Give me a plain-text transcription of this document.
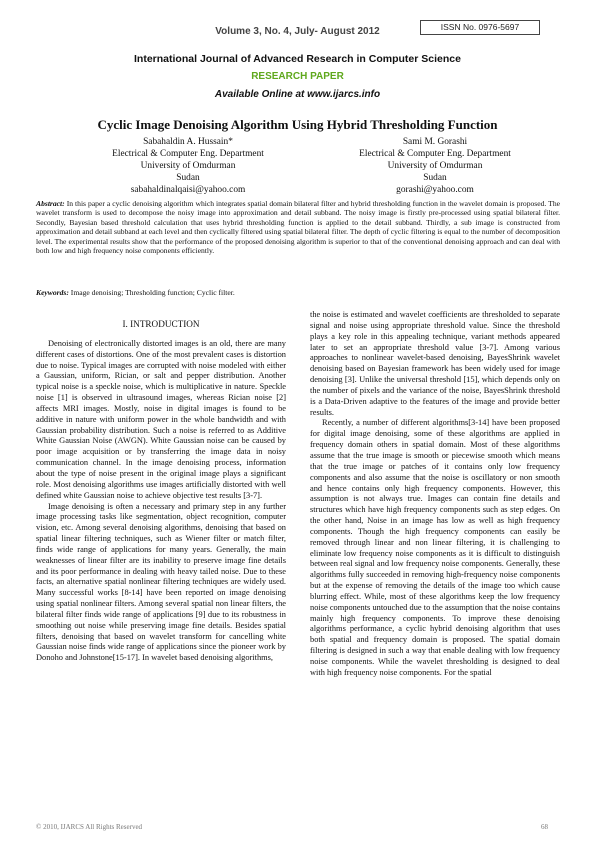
Volume 3, No. 4, July- August 2012	ISSN No. 0976-5697
International Journal of Advanced Research in Computer Science
RESEARCH PAPER
Available Online at www.ijarcs.info
Cyclic Image Denoising Algorithm Using Hybrid Thresholding Function
Sabahaldin A. Hussain*
Electrical & Computer Eng. Department
University of Omdurman
Sudan
sabahaldinalqaisi@yahoo.com
Sami M. Gorashi
Electrical & Computer Eng. Department
University of Omdurman
Sudan
gorashi@yahoo.com
Abstract: In this paper a cyclic denoising algorithm which integrates spatial domain bilateral filter and hybrid thresholding function in the wavelet domain is proposed. The wavelet transform is used to decompose the noisy image into approximation and detail subband. The noisy image is firstly pre-processed using spatial bilateral filter. Secondly, Bayesian based threshold calculation that uses hybrid thresholding function is applied to the detail subband. Thirdly, a sub image is constructed from approximation and detail subband at each level and then cyclically filtered using spatial bilateral filter. The depth of cyclic filtering is equal to the number of decomposition level. The experimental results show that the performance of the proposed denoising algorithm is superior to that of the conventional denoising approach and can deal with both low and high frequency noise components efficiently.
Keywords: Image denoising; Thresholding function; Cyclic filter.
I. INTRODUCTION

Denoising of electronically distorted images is an old, there are many different cases of distortions. One of the most prevalent cases is distortion due to noise. Typical images are corrupted with noise modeled with either a Gaussian, uniform, Rician, or salt and pepper distribution. Another typical noise is a speckle noise, which is multiplicative in nature. Speckle noise [1] is observed in ultrasound images, whereas Rician noise [2] affects MRI images. Mostly, noise in digital images is found to be additive in nature with uniform power in the whole bandwidth and with Gaussian probability distribution. Such a noise is referred to as Additive White Gaussian Noise (AWGN). White Gaussian noise can be caused by poor image acquisition or by transferring the image data in noisy communication channel. In the image denoising process, information about the type of noise present in the original image plays a significant role. Most denoising algorithms use images artificially distorted with well defined white Gaussian noise to achieve objective test results [3-7].

Image denoising is often a necessary and primary step in any further image processing tasks like segmentation, object recognition, computer vision, etc. Among several denoising algorithms, denoising that based on spatial linear filtering techniques, such as Wiener filter or match filter, finds wide range of applications for many years. Generally, the main weaknesses of linear filter are its inability to preserve image fine details and its poor performance in dealing with heavy tailed noise. Due to these facts, an alternative spatial nonlinear filtering techniques are widely used. Many successful works [8-14] have been reported on image denoising using spatial nonlinear filters. Among several spatial non linear filters, the bilateral filter finds wide range of applications [9] due to its robustness in smoothing out noise while preserving image fine details. Besides spatial filters, denoising that based on wavelet transform for cancelling white Gaussian noise finds wide range of applications since the pioneer work by Donoho and Johnstone[15-17]. In wavelet based denoising algorithms,

the noise is estimated and wavelet coefficients are thresholded to separate signal and noise using appropriate threshold value. Since the threshold plays a key role in this appealing technique, variant methods appeared later to set an appropriate threshold value [3-7]. Among various approaches to nonlinear wavelet-based denoising, BayesShrink wavelet denoising based on Bayesian framework has been widely used for image denoising [3]. Unlike the universal threshold [15], which depends only on the number of pixels and the variance of the noise, BayesShrink threshold is a Data-Driven adaptive to the features of the image and provide better results.

Recently, a number of different algorithms[3-14] have been proposed for digital image denoising, some of these algorithms are applied in frequency domain others in spatial domain. Most of these algorithms assume that the true image is smooth or piecewise smooth which means that the true image or patches of it contains only low frequency components and also assume that the noise is oscillatory or non smooth and hence contains only high frequency components. However, this assumption is not always true. Images can contain fine details and structures which have high frequency components such as step edges. On the other hand, Noise in an image has low as well as high frequency components. Though the high frequency components can easily be removed through linear and non linear filtering, it is challenging to eliminate low frequency noise components as it is difficult to distinguish between real signal and low frequency noise components. Generally, these algorithms fully succeeded in removing high-frequency noise components but at the expense of removing the details of the image too which cause blurring effect. While, most of these algorithms keep the low frequency noise components untouched due to the assumption that the noise contains mainly high frequency components. To improve these denoising algorithms performance, a cyclic hybrid denoising algorithm that uses both spatial and frequency domain is proposed. The spatial domain filtering is designed in such a way that enable dealing with low frequency noise components. While the wavelet thresholding is designed to deal with high frequency noise components. For the spatial

© 2010, IJARCS All Rights Reserved	68
